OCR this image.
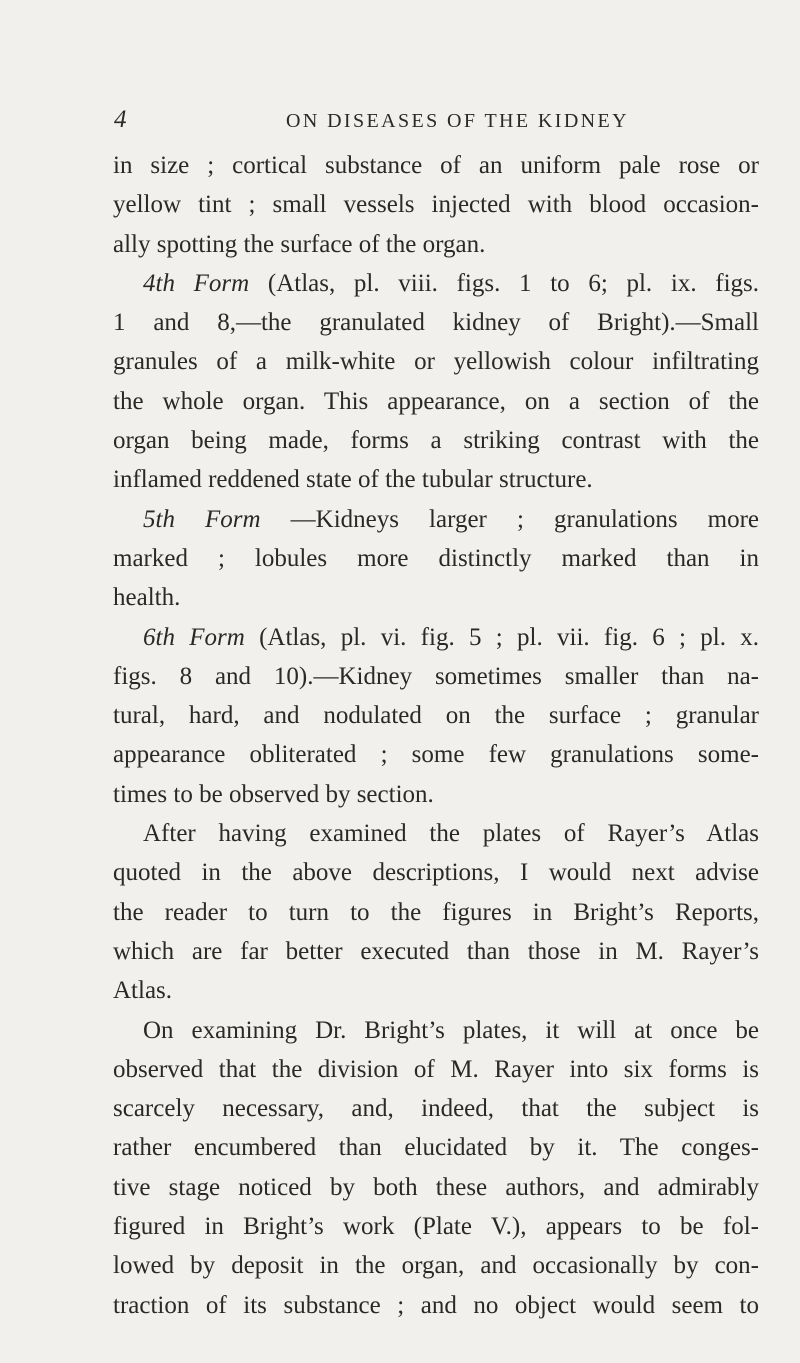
4	ON DISEASES OF THE KIDNEY
in size ; cortical substance of an uniform pale rose or
yellow tint ; small vessels injected with blood occasion-
ally spotting the surface of the organ.
4th Form (Atlas, pl. viii. figs. 1 to 6; pl. ix. figs.
1 and 8,—the granulated kidney of Bright).—Small
granules of a milk-white or yellowish colour infiltrating
the whole organ. This appearance, on a section of the
organ being made, forms a striking contrast with the
inflamed reddened state of the tubular structure.
5th Form —Kidneys larger ; granulations more
marked ; lobules more distinctly marked than in
health.
6th Form (Atlas, pl. vi. fig. 5 ; pl. vii. fig. 6 ; pl. x.
figs. 8 and 10).—Kidney sometimes smaller than na-
tural, hard, and nodulated on the surface ; granular
appearance obliterated ; some few granulations some-
times to be observed by section.
After having examined the plates of Rayer’s Atlas
quoted in the above descriptions, I would next advise
the reader to turn to the figures in Bright’s Reports,
which are far better executed than those in M. Rayer’s
Atlas.
On examining Dr. Bright’s plates, it will at once be
observed that the division of M. Rayer into six forms is
scarcely necessary, and, indeed, that the subject is
rather encumbered than elucidated by it. The conges-
tive stage noticed by both these authors, and admirably
figured in Bright’s work (Plate V.), appears to be fol-
lowed by deposit in the organ, and occasionally by con-
traction of its substance ; and no object would seem to
